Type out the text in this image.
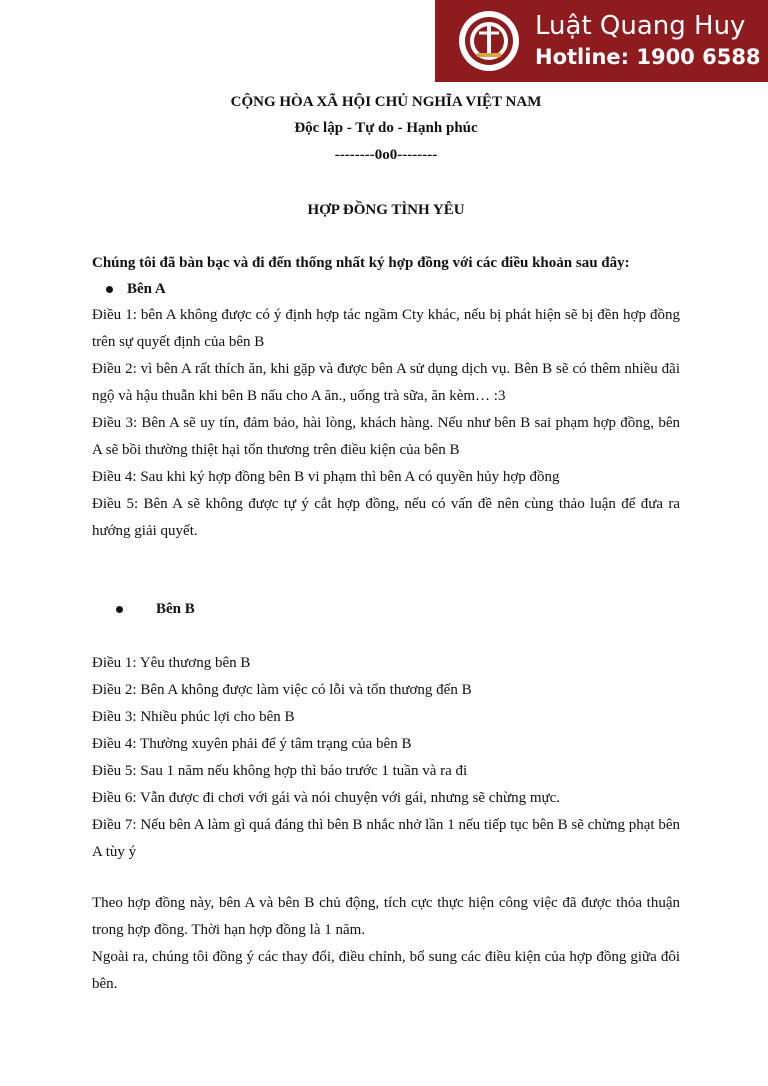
Luật Quang Huy
Hotline: 1900 6588
CỘNG HÒA XÃ HỘI CHỦ NGHĨA VIỆT NAM
Độc lập - Tự do - Hạnh phúc
--------0o0--------
HỢP ĐỒNG TÌNH YÊU
Chúng tôi đã bàn bạc và đi đến thống nhất ký hợp đồng với các điều khoản sau đây:
Bên A
Điều 1: bên A không được có ý định hợp tác ngầm Cty khác, nếu bị phát hiện sẽ bị đền hợp đồng trên sự quyết định của bên B
Điều 2: vì bên A rất thích ăn, khi gặp và được bên A sử dụng dịch vụ. Bên B sẽ có thêm nhiều đãi ngộ và hậu thuẫn khi bên B nấu cho A ăn., uống trà sữa, ăn kèm… :3
Điều 3: Bên A sẽ uy tín, đảm bảo, hài lòng, khách hàng. Nếu như bên B sai phạm hợp đồng, bên A sẽ bồi thường thiệt hại tổn thương trên điều kiện của bên B
Điều 4: Sau khi ký hợp đồng bên B vi phạm thì bên A có quyền hủy hợp đồng
Điều 5: Bên A sẽ không được tự ý cắt hợp đồng, nếu có vấn đề nên cùng thảo luận để đưa ra hướng giải quyết.
Bên B
Điều 1: Yêu thương bên B
Điều 2: Bên A không được làm việc có lỗi và tổn thương đến B
Điều 3: Nhiều phúc lợi cho bên B
Điều 4: Thường xuyên phải để ý tâm trạng của bên B
Điều 5: Sau 1 năm nếu không hợp thì báo trước 1 tuần và ra đi
Điều 6: Vẫn được đi chơi với gái và nói chuyện với gái, nhưng sẽ chừng mực.
Điều 7: Nếu bên A làm gì quá đáng thì bên B nhắc nhở lần 1 nếu tiếp tục bên B sẽ chừng phạt bên A tùy ý
Theo hợp đồng này, bên A và bên B chủ động, tích cực thực hiện công việc đã được thỏa thuận trong hợp đồng. Thời hạn hợp đồng là 1 năm.
Ngoài ra, chúng tôi đồng ý các thay đổi, điều chỉnh, bổ sung các điều kiện của hợp đồng giữa đôi bên.
